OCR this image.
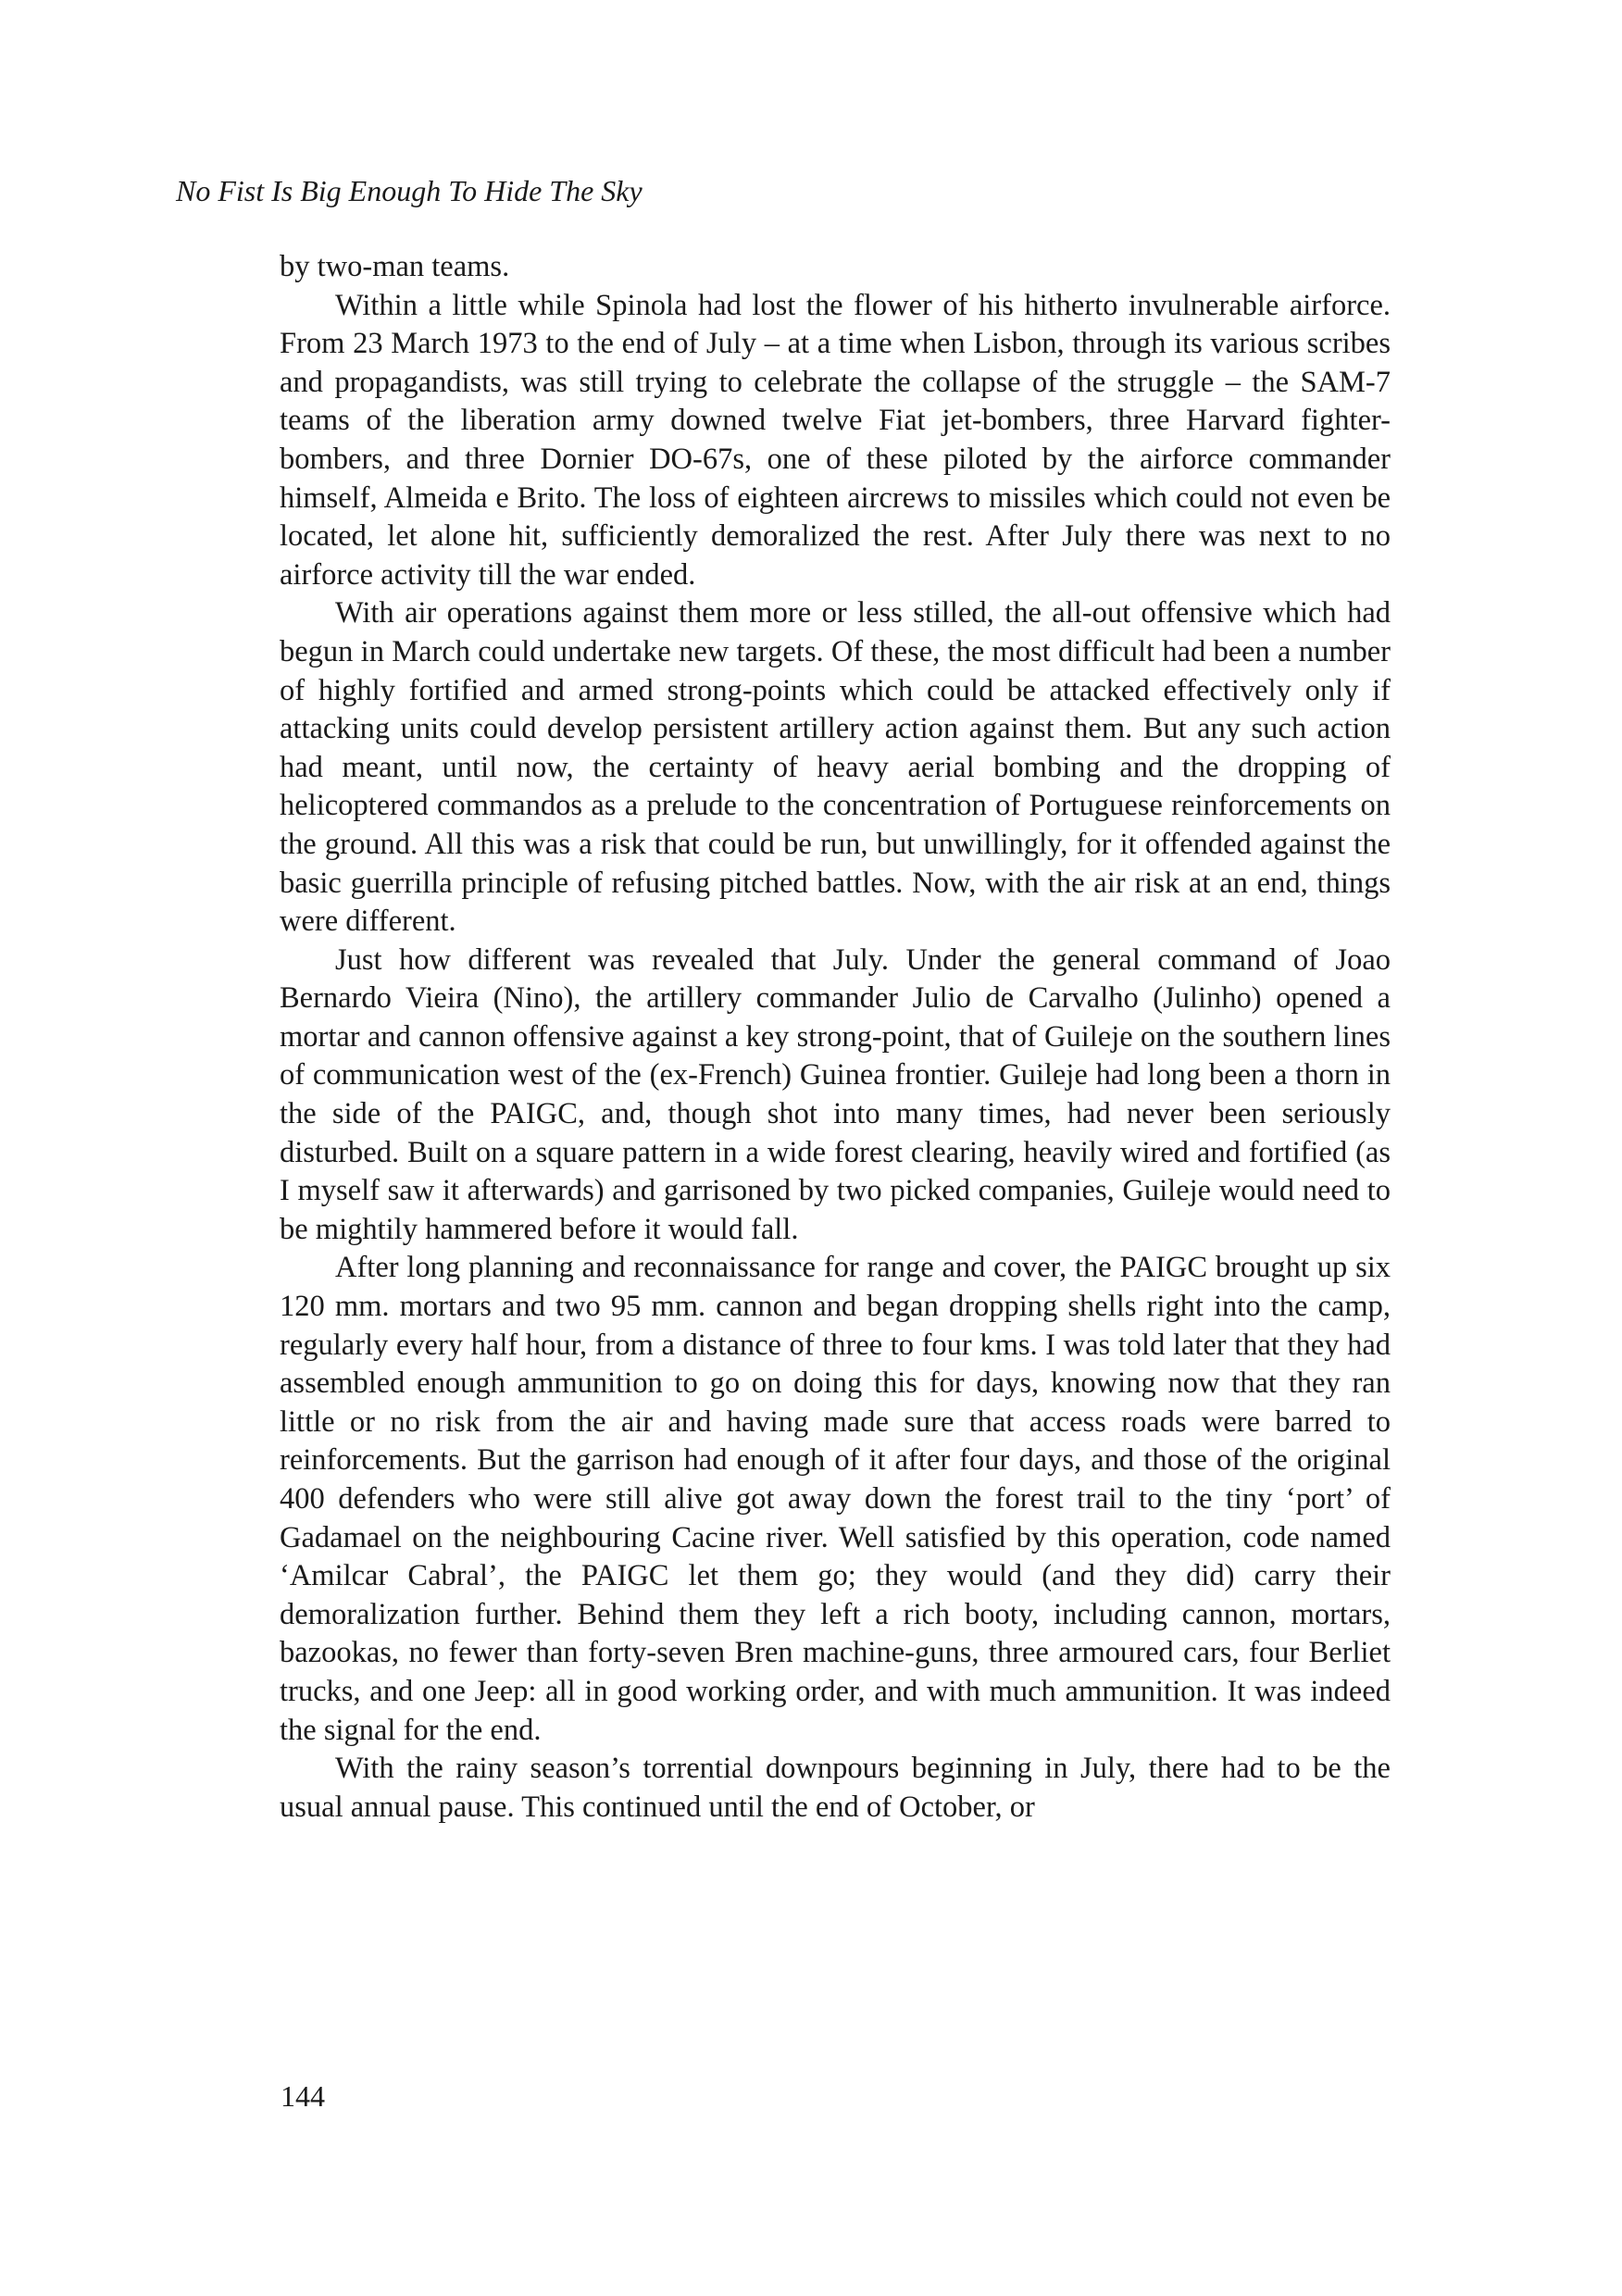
No Fist Is Big Enough To Hide The Sky

by two-man teams.

Within a little while Spinola had lost the flower of his hitherto invulnerable airforce. From 23 March 1973 to the end of July – at a time when Lisbon, through its various scribes and propagandists, was still trying to celebrate the collapse of the struggle – the SAM-7 teams of the liberation army downed twelve Fiat jet-bombers, three Harvard fighter-bombers, and three Dornier DO-67s, one of these piloted by the airforce commander himself, Almeida e Brito. The loss of eighteen aircrews to missiles which could not even be located, let alone hit, sufficiently demoralized the rest. After July there was next to no airforce activity till the war ended.

With air operations against them more or less stilled, the all-out offensive which had begun in March could undertake new targets. Of these, the most difficult had been a number of highly fortified and armed strong-points which could be attacked effectively only if attacking units could develop persistent artillery action against them. But any such action had meant, until now, the certainty of heavy aerial bombing and the dropping of helicoptered commandos as a prelude to the concentration of Portuguese reinforcements on the ground. All this was a risk that could be run, but unwillingly, for it offended against the basic guerrilla principle of refusing pitched battles. Now, with the air risk at an end, things were different.

Just how different was revealed that July. Under the general command of Joao Bernardo Vieira (Nino), the artillery commander Julio de Carvalho (Julinho) opened a mortar and cannon offensive against a key strong-point, that of Guileje on the southern lines of communication west of the (ex-French) Guinea frontier. Guileje had long been a thorn in the side of the PAIGC, and, though shot into many times, had never been seriously disturbed. Built on a square pattern in a wide forest clearing, heavily wired and fortified (as I myself saw it afterwards) and garrisoned by two picked companies, Guileje would need to be mightily hammered before it would fall.

After long planning and reconnaissance for range and cover, the PAIGC brought up six 120 mm. mortars and two 95 mm. cannon and began dropping shells right into the camp, regularly every half hour, from a distance of three to four kms. I was told later that they had assembled enough ammunition to go on doing this for days, knowing now that they ran little or no risk from the air and having made sure that access roads were barred to reinforcements. But the garrison had enough of it after four days, and those of the original 400 defenders who were still alive got away down the forest trail to the tiny ‘port’ of Gadamael on the neighbouring Cacine river. Well satisfied by this operation, code named ‘Amilcar Cabral’, the PAIGC let them go; they would (and they did) carry their demoralization further. Behind them they left a rich booty, including cannon, mortars, bazookas, no fewer than forty-seven Bren machine-guns, three armoured cars, four Berliet trucks, and one Jeep: all in good working order, and with much ammunition. It was indeed the signal for the end.

With the rainy season’s torrential downpours beginning in July, there had to be the usual annual pause. This continued until the end of October, or

144
